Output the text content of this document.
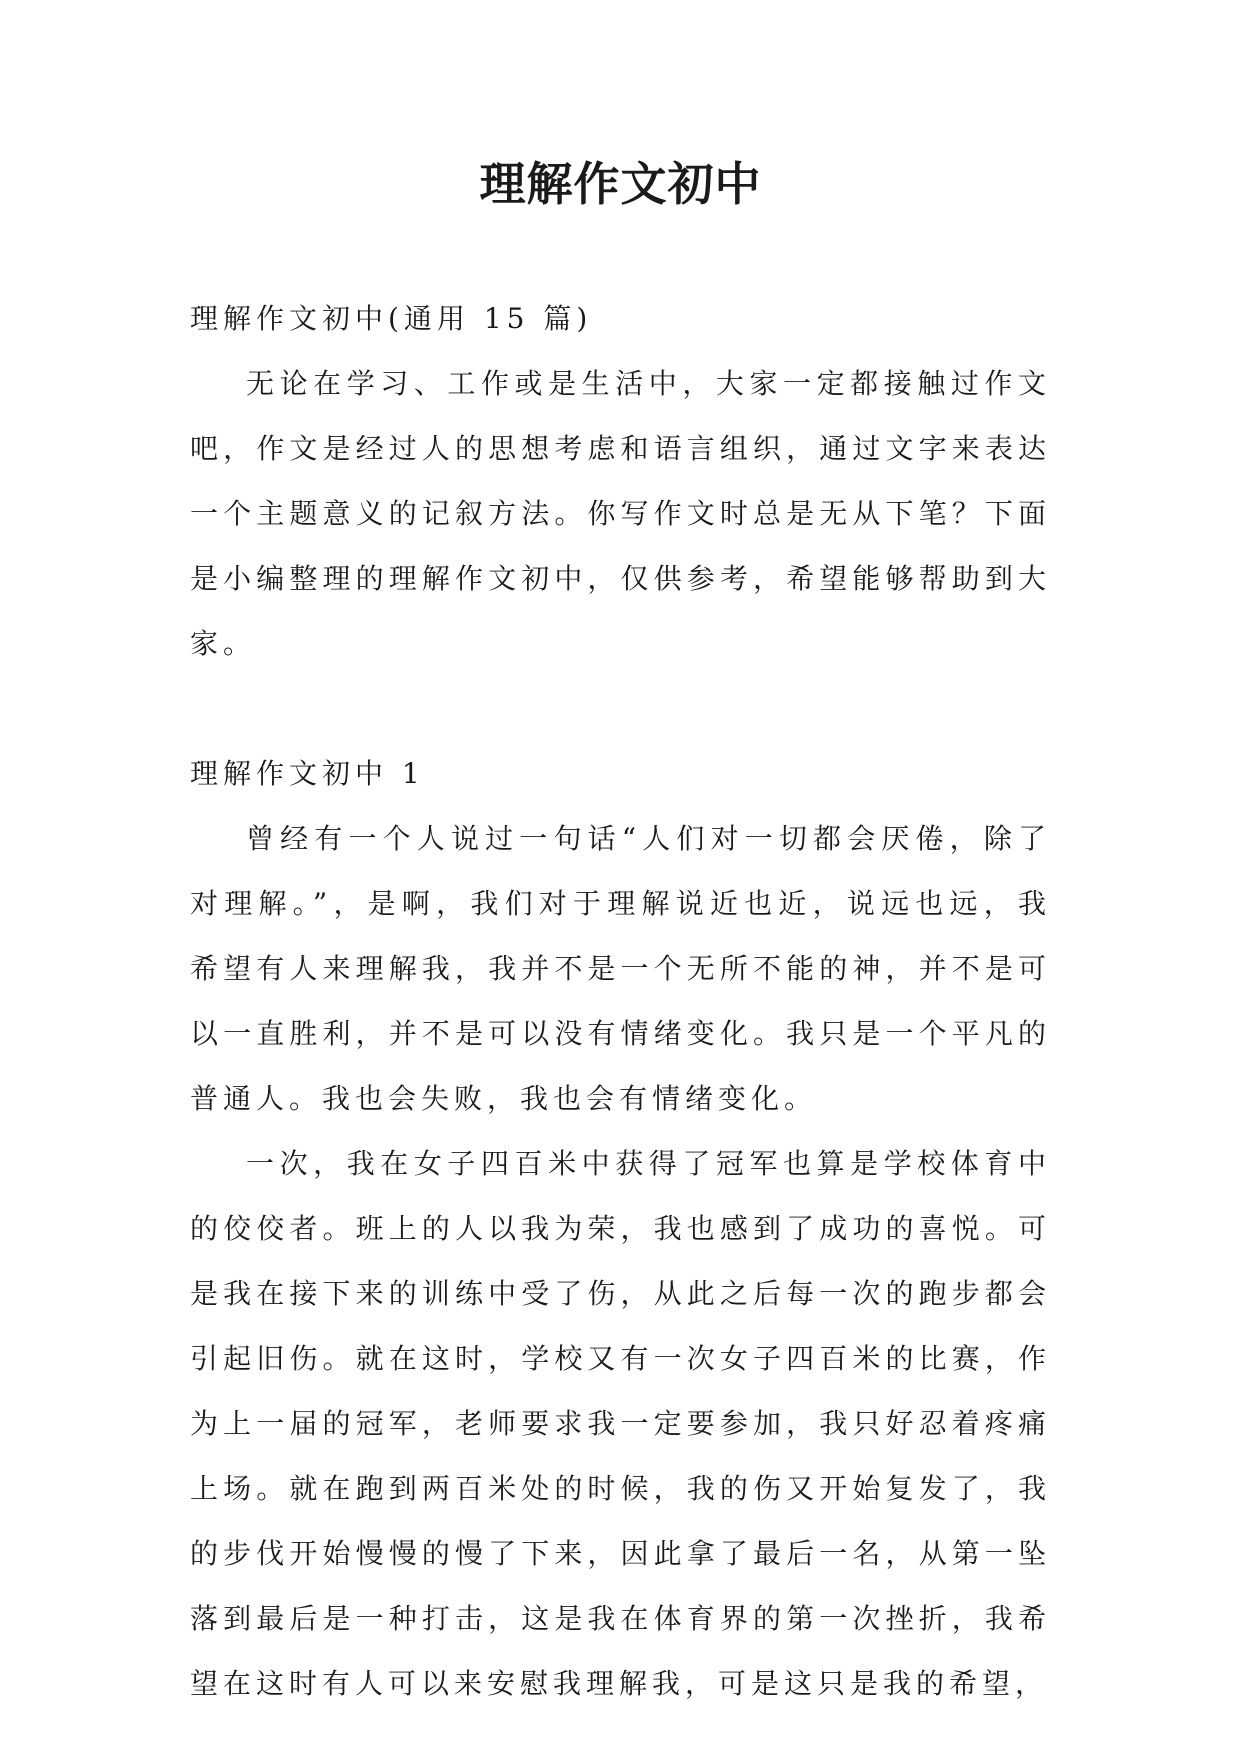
理解作文初中

理解作文初中(通用 15 篇)

无论在学习、工作或是生活中，大家一定都接触过作文吧，作文是经过人的思想考虑和语言组织，通过文字来表达一个主题意义的记叙方法。你写作文时总是无从下笔？下面是小编整理的理解作文初中，仅供参考，希望能够帮助到大家。

理解作文初中 1

曾经有一个人说过一句话“人们对一切都会厌倦，除了对理解。”，是啊，我们对于理解说近也近，说远也远，我希望有人来理解我，我并不是一个无所不能的神，并不是可以一直胜利，并不是可以没有情绪变化。我只是一个平凡的普通人。我也会失败，我也会有情绪变化。

一次，我在女子四百米中获得了冠军也算是学校体育中的佼佼者。班上的人以我为荣，我也感到了成功的喜悦。可是我在接下来的训练中受了伤，从此之后每一次的跑步都会引起旧伤。就在这时，学校又有一次女子四百米的比赛，作为上一届的冠军，老师要求我一定要参加，我只好忍着疼痛上场。就在跑到两百米处的时候，我的伤又开始复发了，我的步伐开始慢慢的慢了下来，因此拿了最后一名，从第一坠落到最后是一种打击，这是我在体育界的第一次挫折，我希望在这时有人可以来安慰我理解我，可是这只是我的希望，
